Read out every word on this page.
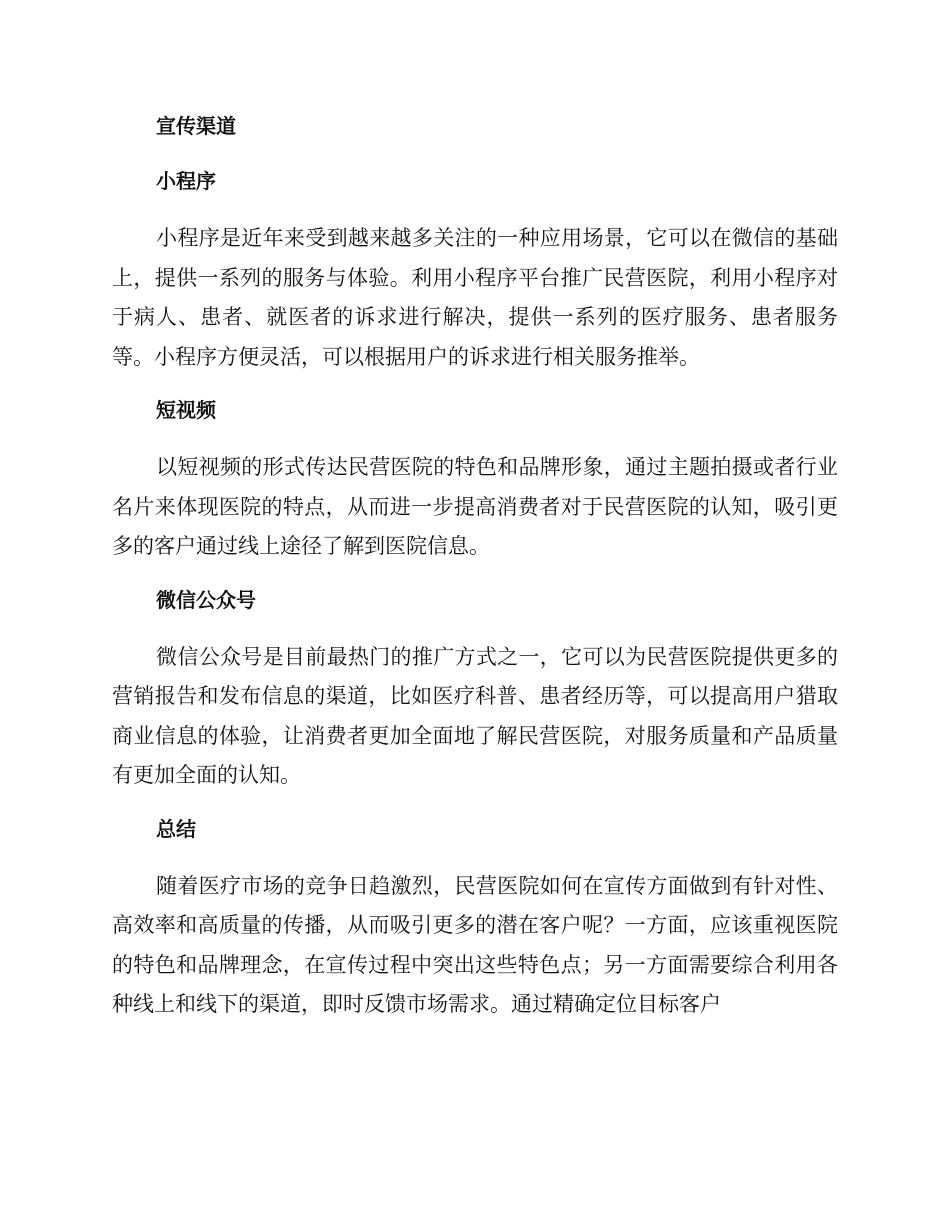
宣传渠道
小程序

小程序是近年来受到越来越多关注的一种应用场景，它可以在微信的基础上，提供一系列的服务与体验。利用小程序平台推广民营医院，利用小程序对于病人、患者、就医者的诉求进行解决，提供一系列的医疗服务、患者服务等。小程序方便灵活，可以根据用户的诉求进行相关服务推举。

短视频

以短视频的形式传达民营医院的特色和品牌形象，通过主题拍摄或者行业名片来体现医院的特点，从而进一步提高消费者对于民营医院的认知，吸引更多的客户通过线上途径了解到医院信息。

微信公众号

微信公众号是目前最热门的推广方式之一，它可以为民营医院提供更多的营销报告和发布信息的渠道，比如医疗科普、患者经历等，可以提高用户猎取商业信息的体验，让消费者更加全面地了解民营医院，对服务质量和产品质量有更加全面的认知。

总结

随着医疗市场的竞争日趋激烈，民营医院如何在宣传方面做到有针对性、高效率和高质量的传播，从而吸引更多的潜在客户呢？一方面，应该重视医院的特色和品牌理念，在宣传过程中突出这些特色点；另一方面需要综合利用各种线上和线下的渠道，即时反馈市场需求。通过精确定位目标客户
